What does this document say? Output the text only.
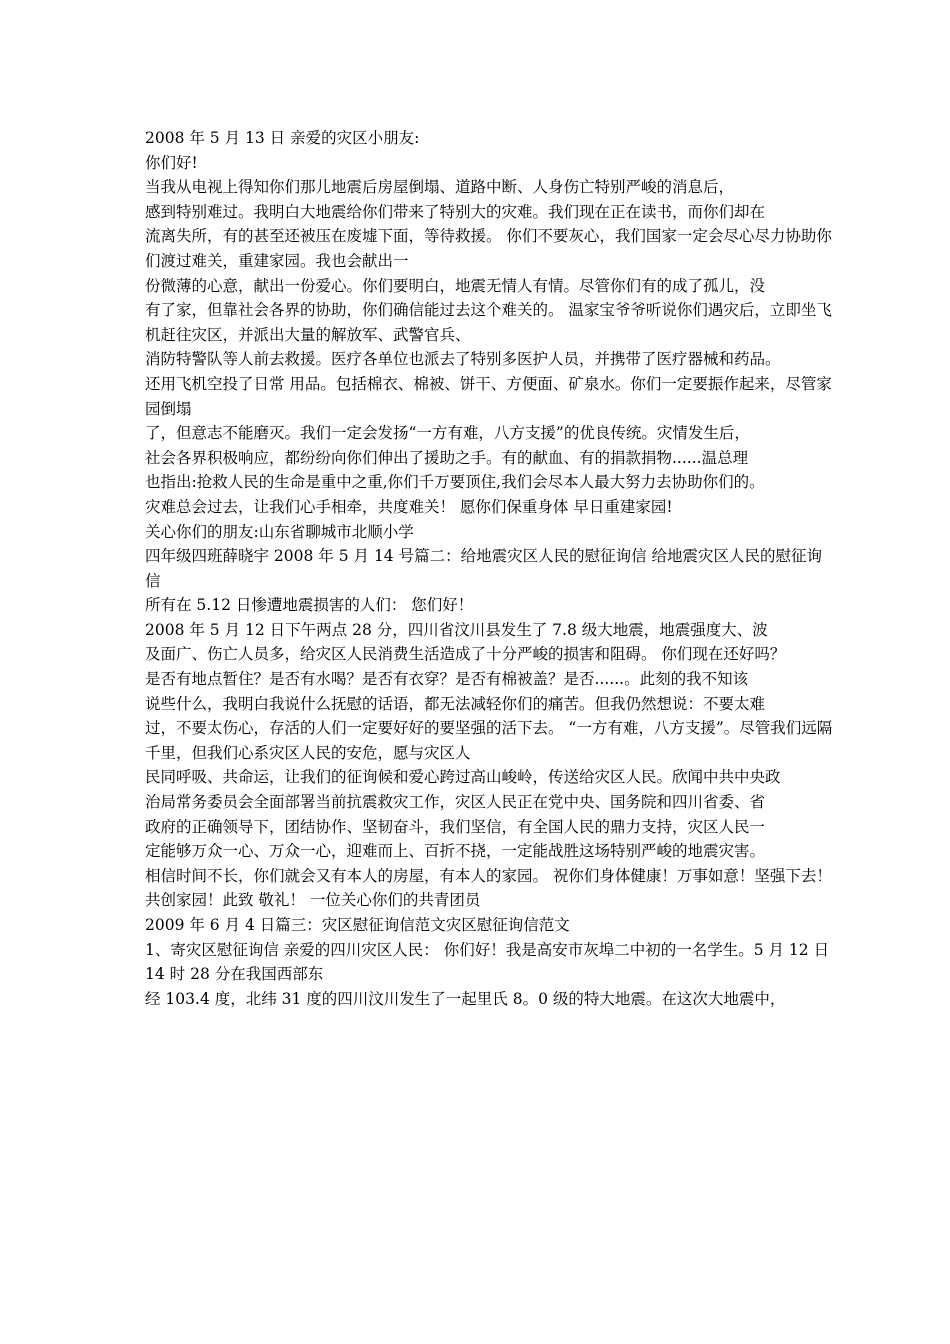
2008 年 5 月 13 日 亲爱的灾区小朋友:

你们好!

当我从电视上得知你们那儿地震后房屋倒塌、道路中断、人身伤亡特别严峻的消息后，

感到特别难过。我明白大地震给你们带来了特别大的灾难。我们现在正在读书，而你们却在

流离失所，有的甚至还被压在废墟下面，等待救援。 你们不要灰心，我们国家一定会尽心尽力协助你们渡过难关，重建家园。我也会献出一

份微薄的心意，献出一份爱心。你们要明白，地震无情人有情。尽管你们有的成了孤儿，没

有了家，但靠社会各界的协助，你们确信能过去这个难关的。 温家宝爷爷听说你们遇灾后，立即坐飞机赶往灾区，并派出大量的解放军、武警官兵、

消防特警队等人前去救援。医疗各单位也派去了特别多医护人员，并携带了医疗器械和药品。

还用飞机空投了日常 用品。包括棉衣、棉被、饼干、方便面、矿泉水。你们一定要振作起来，尽管家园倒塌

了，但意志不能磨灭。我们一定会发扬“一方有难，八方支援”的优良传统。灾情发生后，

社会各界积极响应，都纷纷向你们伸出了援助之手。有的献血、有的捐款捐物......温总理

也指出:抢救人民的生命是重中之重,你们千万要顶住,我们会尽本人最大努力去协助你们的。

灾难总会过去，让我们心手相牵，共度难关！ 愿你们保重身体 早日重建家园!

关心你们的朋友:山东省聊城市北顺小学

四年级四班薛晓宇 2008 年 5 月 14 号篇二：给地震灾区人民的慰征询信 给地震灾区人民的慰征询信

所有在 5.12 日惨遭地震损害的人们： 您们好！

2008 年 5 月 12 日下午两点 28 分，四川省汶川县发生了 7.8 级大地震，地震强度大、波

及面广、伤亡人员多，给灾区人民消费生活造成了十分严峻的损害和阻碍。 你们现在还好吗？

是否有地点暂住？是否有水喝？是否有衣穿？是否有棉被盖？是否......。此刻的我不知该

说些什么，我明白我说什么抚慰的话语，都无法减轻你们的痛苦。但我仍然想说：不要太难

过，不要太伤心，存活的人们一定要好好的要坚强的活下去。 “一方有难，八方支援”。尽管我们远隔千里，但我们心系灾区人民的安危，愿与灾区人

民同呼吸、共命运，让我们的征询候和爱心跨过高山峻岭，传送给灾区人民。欣闻中共中央政

治局常务委员会全面部署当前抗震救灾工作，灾区人民正在党中央、国务院和四川省委、省

政府的正确领导下，团结协作、坚韧奋斗，我们坚信，有全国人民的鼎力支持，灾区人民一

定能够万众一心、万众一心，迎难而上、百折不挠，一定能战胜这场特别严峻的地震灾害。

相信时间不长，你们就会又有本人的房屋，有本人的家园。 祝你们身体健康！万事如意！坚强下去！共创家园！此致 敬礼！ 一位关心你们的共青团员

2009 年 6 月 4 日篇三：灾区慰征询信范文灾区慰征询信范文

1、寄灾区慰征询信 亲爱的四川灾区人民： 你们好！我是高安市灰埠二中初的一名学生。5 月 12 日 14 时 28 分在我国西部东

经 103.4 度，北纬 31 度的四川汶川发生了一起里氏 8。0 级的特大地震。在这次大地震中，
